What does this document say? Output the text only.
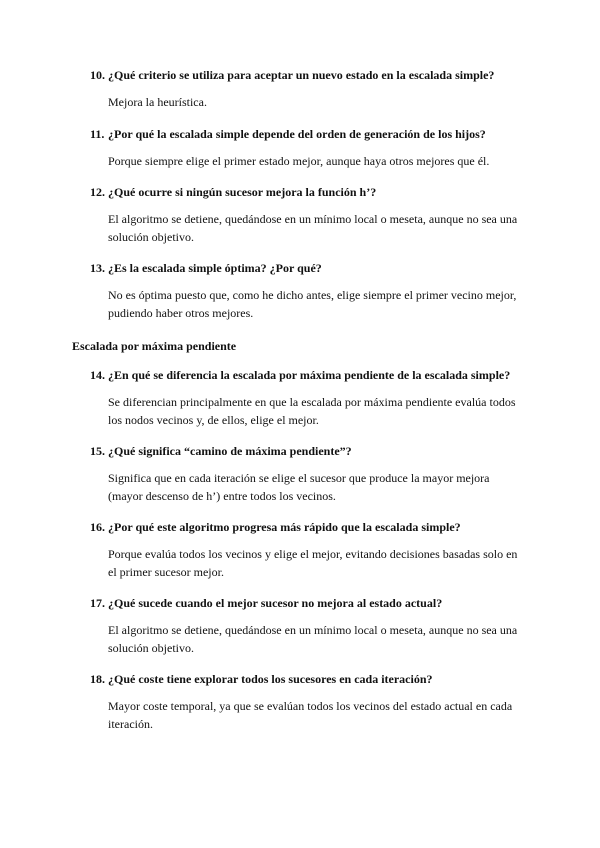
10. ¿Qué criterio se utiliza para aceptar un nuevo estado en la escalada simple?
Mejora la heurística.
11. ¿Por qué la escalada simple depende del orden de generación de los hijos?
Porque siempre elige el primer estado mejor, aunque haya otros mejores que él.
12. ¿Qué ocurre si ningún sucesor mejora la función h’?
El algoritmo se detiene, quedándose en un mínimo local o meseta, aunque no sea una solución objetivo.
13. ¿Es la escalada simple óptima? ¿Por qué?
No es óptima puesto que, como he dicho antes, elige siempre el primer vecino mejor, pudiendo haber otros mejores.
Escalada por máxima pendiente
14. ¿En qué se diferencia la escalada por máxima pendiente de la escalada simple?
Se diferencian principalmente en que la escalada por máxima pendiente evalúa todos los nodos vecinos y, de ellos, elige el mejor.
15. ¿Qué significa “camino de máxima pendiente”?
Significa que en cada iteración se elige el sucesor que produce la mayor mejora (mayor descenso de h’) entre todos los vecinos.
16. ¿Por qué este algoritmo progresa más rápido que la escalada simple?
Porque evalúa todos los vecinos y elige el mejor, evitando decisiones basadas solo en el primer sucesor mejor.
17. ¿Qué sucede cuando el mejor sucesor no mejora al estado actual?
El algoritmo se detiene, quedándose en un mínimo local o meseta, aunque no sea una solución objetivo.
18. ¿Qué coste tiene explorar todos los sucesores en cada iteración?
Mayor coste temporal, ya que se evalúan todos los vecinos del estado actual en cada iteración.
